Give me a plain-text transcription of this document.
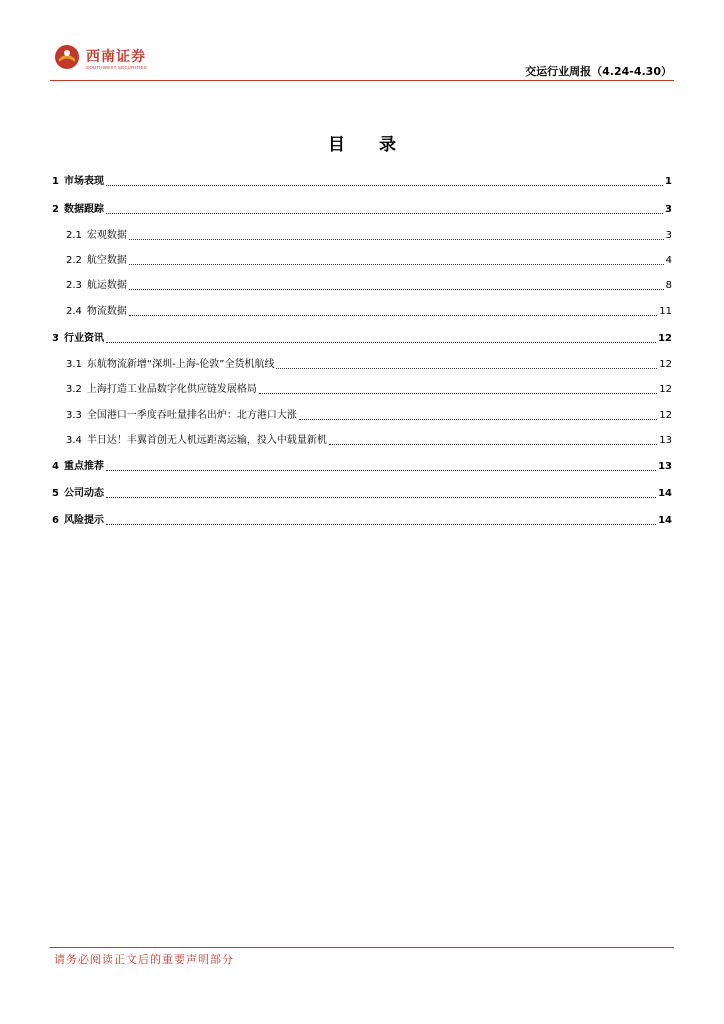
西南证券
SOUTHWEST SECURITIES	交运行业周报（4.24-4.30）
目 录
1 市场表现	1
2 数据跟踪	3
2.1 宏观数据	3
2.2 航空数据	4
2.3 航运数据	8
2.4 物流数据	11
3 行业资讯	12
3.1 东航物流新增“深圳-上海-伦敦”全货机航线	12
3.2 上海打造工业品数字化供应链发展格局	12
3.3 全国港口一季度吞吐量排名出炉：北方港口大涨	12
3.4 半日达！丰翼首创无人机远距离运输，投入中载量新机	13
4 重点推荐	13
5 公司动态	14
6 风险提示	14
请务必阅读正文后的重要声明部分
